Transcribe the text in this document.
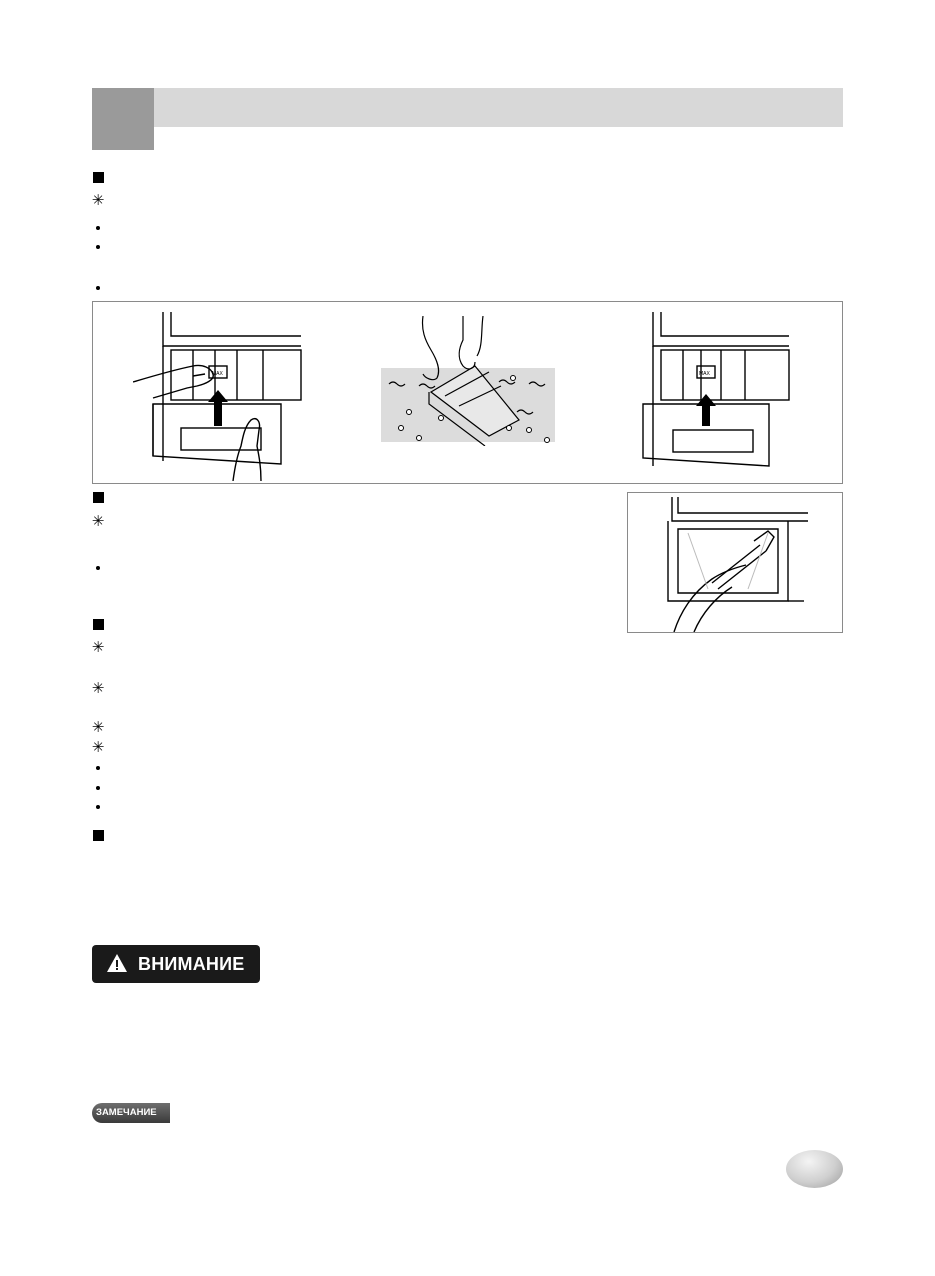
✳
MAX	MAX
✳
✳
✳
✳
✳
ВНИМАНИЕ
ЗАМЕЧАНИЕ
